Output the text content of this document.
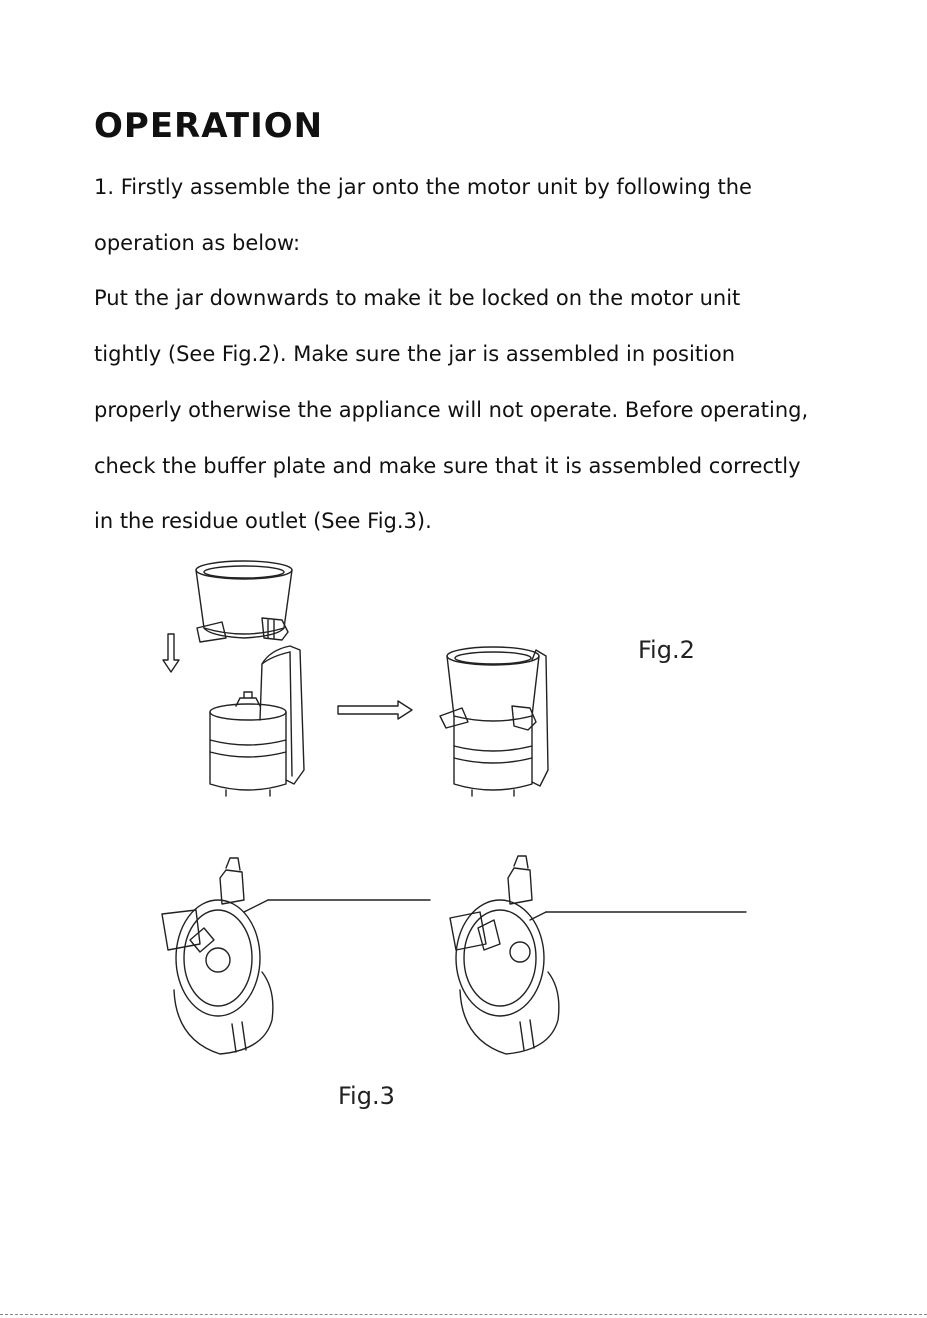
OPERATION

1. Firstly assemble the jar onto the motor unit by following the
operation as below:
Put the jar downwards to make it be locked on the motor unit
tightly (See Fig.2). Make sure the jar is assembled in position
properly otherwise the appliance will not operate. Before operating,
check the buffer plate and make sure that it is assembled correctly
in the residue outlet (See Fig.3).

Fig.2
Fig.3
